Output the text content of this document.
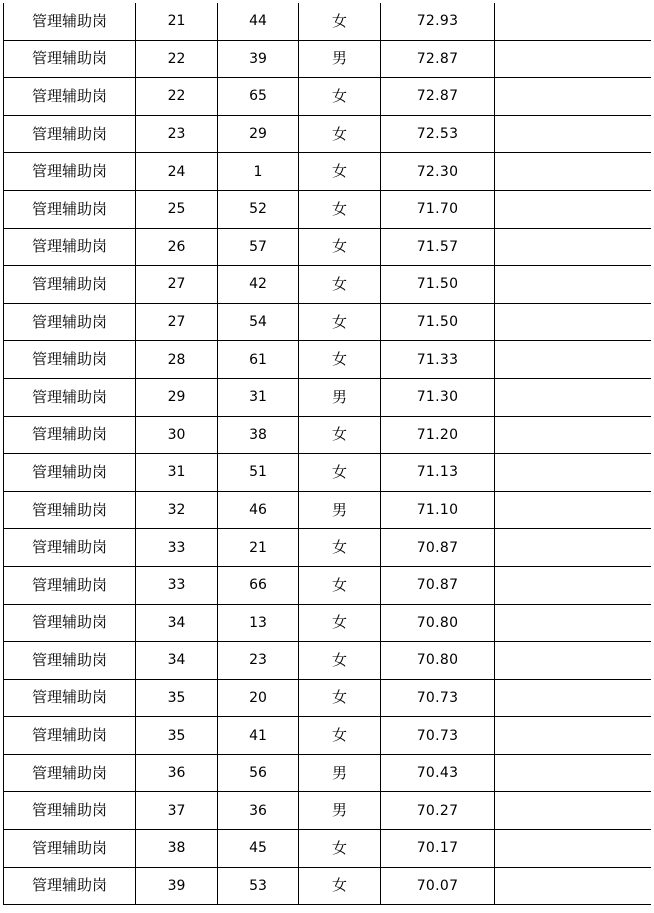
管理辅助岗	21	44	女	72.93	
管理辅助岗	22	39	男	72.87	
管理辅助岗	22	65	女	72.87	
管理辅助岗	23	29	女	72.53	
管理辅助岗	24	1	女	72.30	
管理辅助岗	25	52	女	71.70	
管理辅助岗	26	57	女	71.57	
管理辅助岗	27	42	女	71.50	
管理辅助岗	27	54	女	71.50	
管理辅助岗	28	61	女	71.33	
管理辅助岗	29	31	男	71.30	
管理辅助岗	30	38	女	71.20	
管理辅助岗	31	51	女	71.13	
管理辅助岗	32	46	男	71.10	
管理辅助岗	33	21	女	70.87	
管理辅助岗	33	66	女	70.87	
管理辅助岗	34	13	女	70.80	
管理辅助岗	34	23	女	70.80	
管理辅助岗	35	20	女	70.73	
管理辅助岗	35	41	女	70.73	
管理辅助岗	36	56	男	70.43	
管理辅助岗	37	36	男	70.27	
管理辅助岗	38	45	女	70.17	
管理辅助岗	39	53	女	70.07	
